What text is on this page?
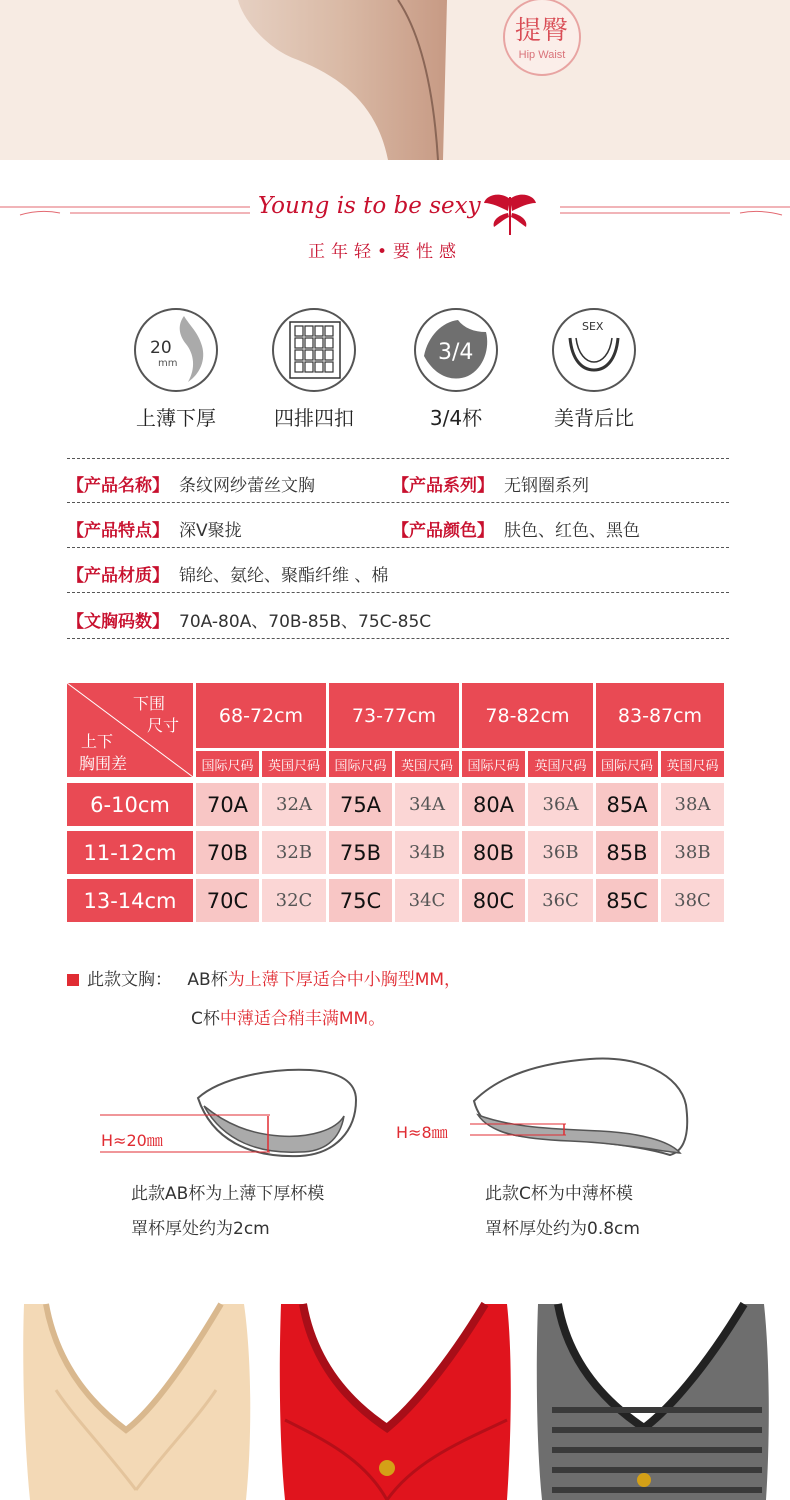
提臀
Hip Waist
Young is to be sexy
正年轻•要性感
20
mm
上薄下厚	四排四扣
3/4
3/4杯
SEX
美背后比
【产品名称】 条纹网纱蕾丝文胸	【产品系列】 无钢圈系列
【产品特点】 深V聚拢	【产品颜色】 肤色、红色、黑色
【产品材质】 锦纶、氨纶、聚酯纤维 、棉
【文胸码数】 70A-80A、70B-85B、75C-85C
下围
尺寸
上下
胸围差
68-72cm	73-77cm	78-82cm	83-87cm
国际尺码	英国尺码	国际尺码	英国尺码	国际尺码	英国尺码	国际尺码	英国尺码
6-10cm	70A	32A	75A	34A	80A	36A	85A	38A
11-12cm	70B	32B	75B	34B	80B	36B	85B	38B
13-14cm	70C	32C	75C	34C	80C	36C	85C	38C
此款文胸： AB杯为上薄下厚适合中小胸型MM，
C杯中薄适合稍丰满MM。
H≈20㎜	H≈8㎜
此款AB杯为上薄下厚杯模
罩杯厚处约为2cm
此款C杯为中薄杯模
罩杯厚处约为0.8cm
